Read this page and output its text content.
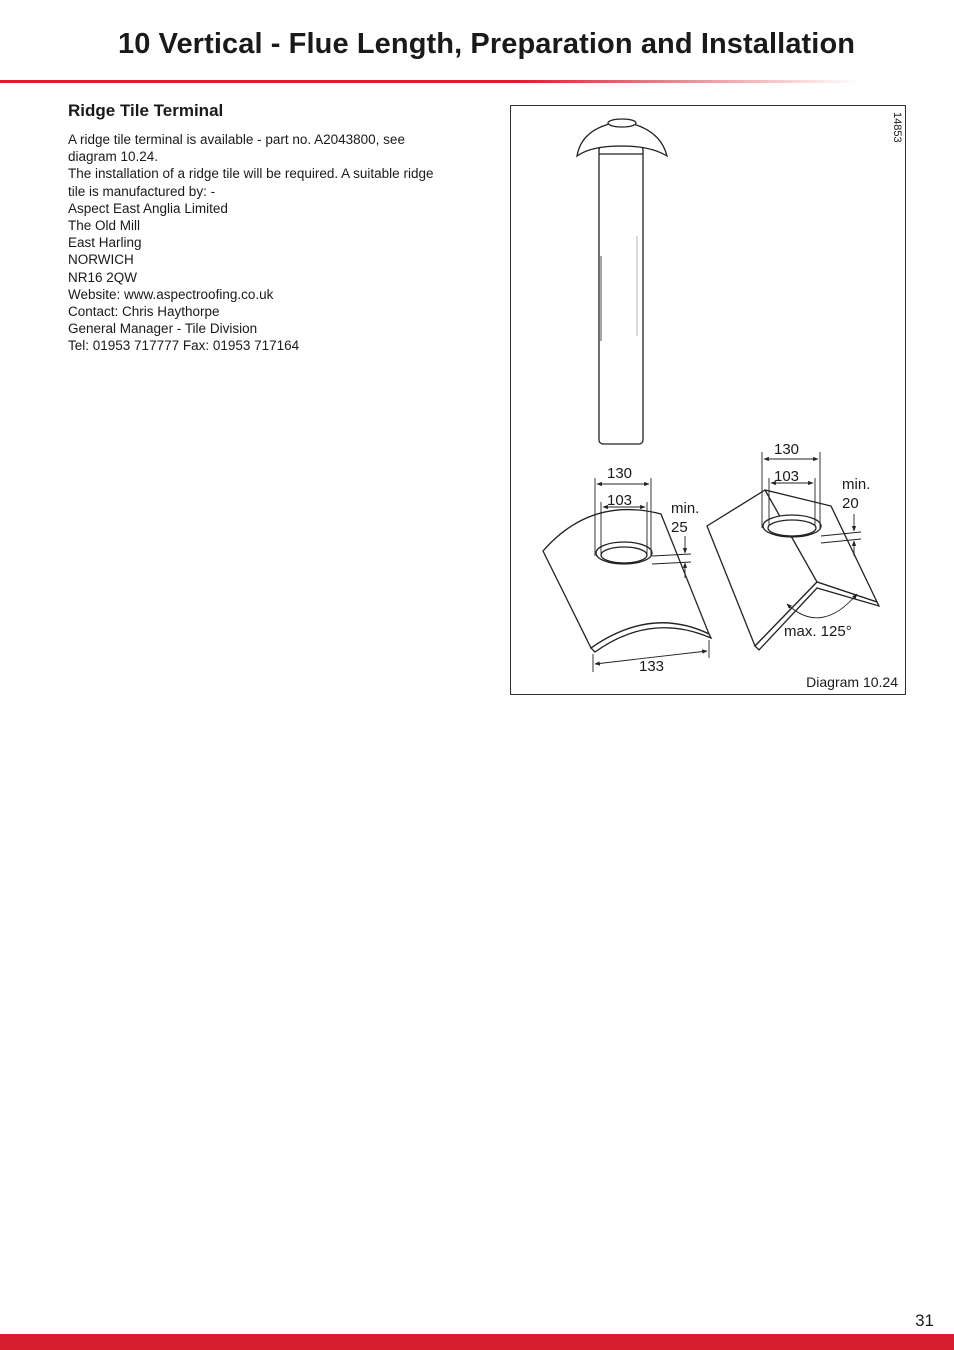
10 Vertical - Flue Length, Preparation and Installation
Ridge Tile Terminal
A ridge tile terminal is available - part no. A2043800, see
diagram 10.24.
The installation of a ridge tile will be required. A suitable ridge
tile is manufactured by: -
Aspect East Anglia Limited
The Old Mill
East Harling
NORWICH
NR16 2QW
Website: www.aspectroofing.co.uk
Contact: Chris Haythorpe
General Manager - Tile Division
Tel: 01953 717777 Fax: 01953 717164
14853
130
103	min.
25
133
130
103	min.
20
max. 125°
Diagram 10.24
31
